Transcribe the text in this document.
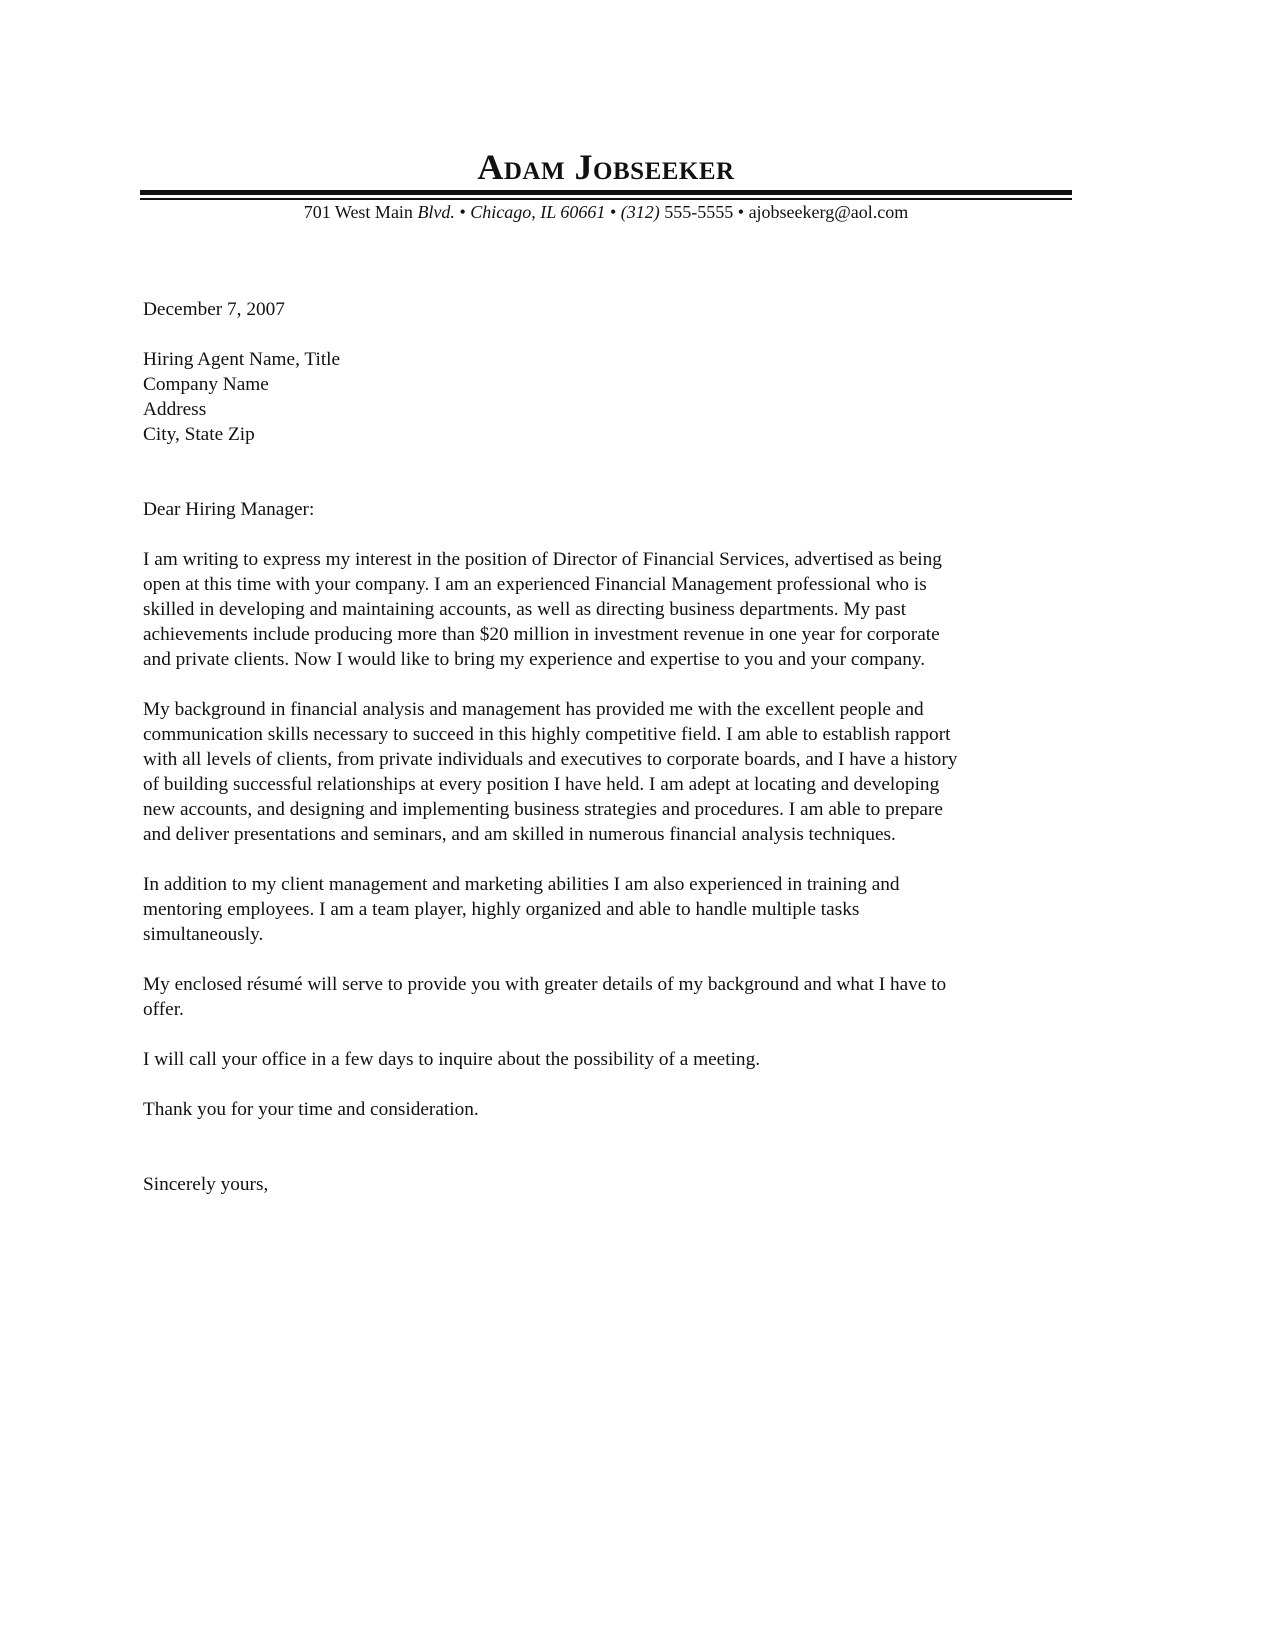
Adam Jobseeker
701 West Main Blvd. • Chicago, IL 60661 • (312) 555-5555 • ajobseekerg@aol.com
December 7, 2007
Hiring Agent Name, Title
Company Name
Address
City, State Zip
Dear Hiring Manager:
I am writing to express my interest in the position of Director of Financial Services, advertised as being
open at this time with your company. I am an experienced Financial Management professional who is
skilled in developing and maintaining accounts, as well as directing business departments. My past
achievements include producing more than $20 million in investment revenue in one year for corporate
and private clients. Now I would like to bring my experience and expertise to you and your company.
My background in financial analysis and management has provided me with the excellent people and
communication skills necessary to succeed in this highly competitive field. I am able to establish rapport
with all levels of clients, from private individuals and executives to corporate boards, and I have a history
of building successful relationships at every position I have held. I am adept at locating and developing
new accounts, and designing and implementing business strategies and procedures. I am able to prepare
and deliver presentations and seminars, and am skilled in numerous financial analysis techniques.
In addition to my client management and marketing abilities I am also experienced in training and
mentoring employees. I am a team player, highly organized and able to handle multiple tasks
simultaneously.
My enclosed résumé will serve to provide you with greater details of my background and what I have to
offer.
I will call your office in a few days to inquire about the possibility of a meeting.
Thank you for your time and consideration.
Sincerely yours,
